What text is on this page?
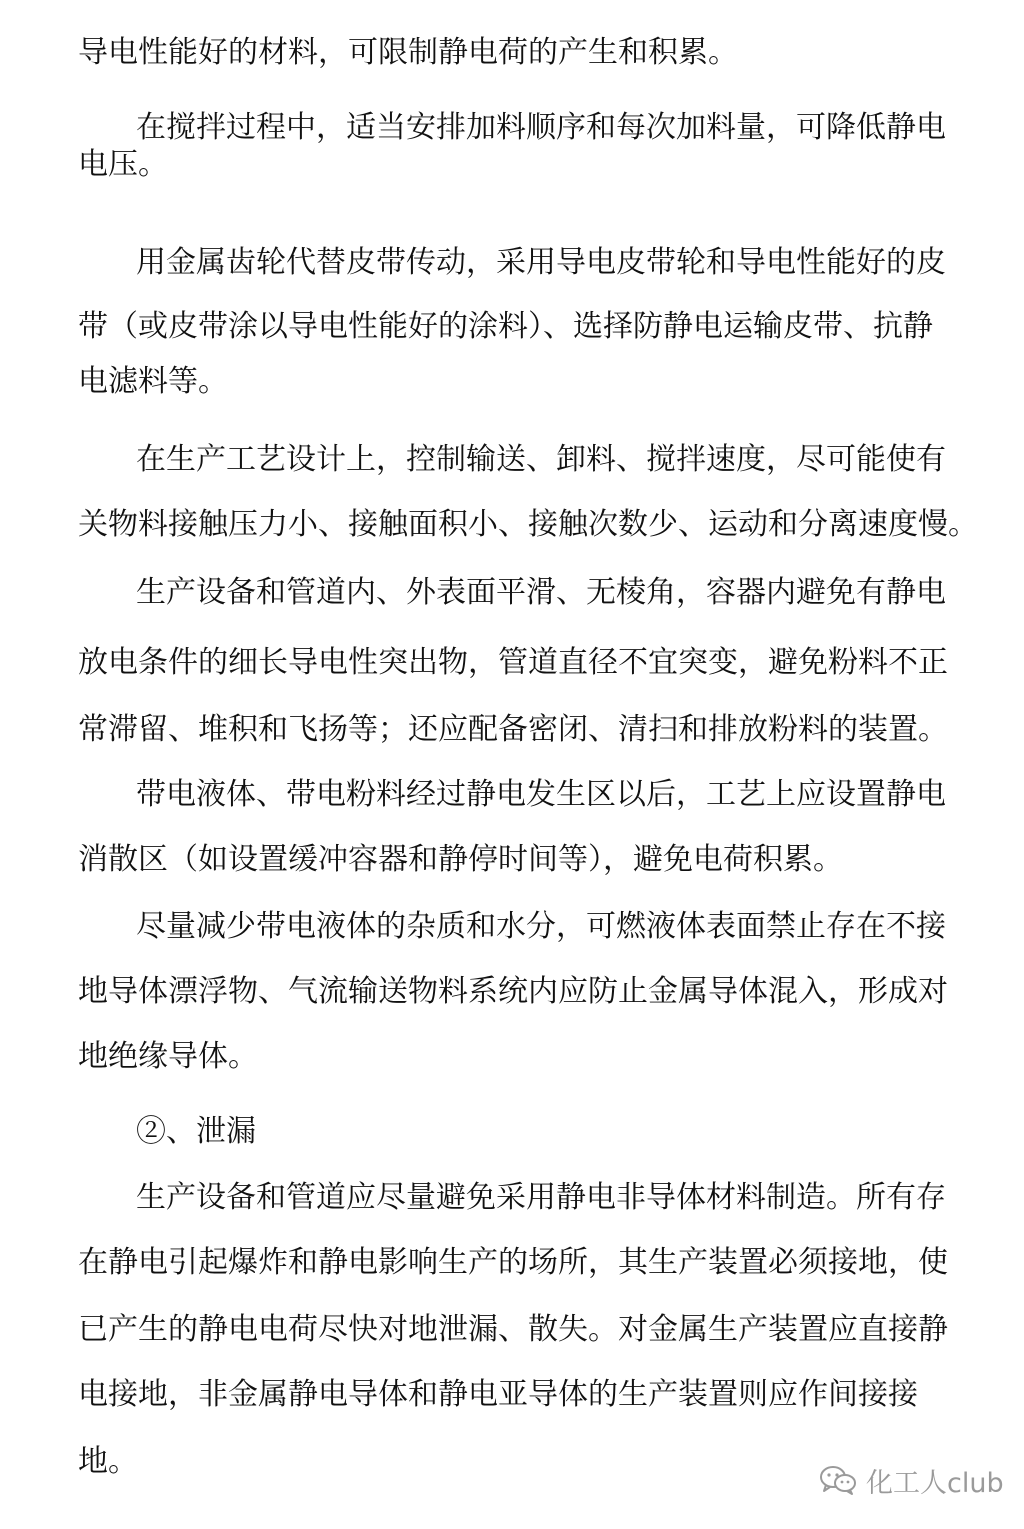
导电性能好的材料，可限制静电荷的产生和积累。
在搅拌过程中，适当安排加料顺序和每次加料量，可降低静电
电压。
用金属齿轮代替皮带传动，采用导电皮带轮和导电性能好的皮
带（或皮带涂以导电性能好的涂料）、选择防静电运输皮带、抗静
电滤料等。
在生产工艺设计上，控制输送、卸料、搅拌速度，尽可能使有
关物料接触压力小、接触面积小、接触次数少、运动和分离速度慢。
生产设备和管道内、外表面平滑、无棱角，容器内避免有静电
放电条件的细长导电性突出物，管道直径不宜突变，避免粉料不正
常滞留、堆积和飞扬等；还应配备密闭、清扫和排放粉料的装置。
带电液体、带电粉料经过静电发生区以后，工艺上应设置静电
消散区（如设置缓冲容器和静停时间等），避免电荷积累。
尽量减少带电液体的杂质和水分，可燃液体表面禁止存在不接
地导体漂浮物、气流输送物料系统内应防止金属导体混入，形成对
地绝缘导体。
②、泄漏
生产设备和管道应尽量避免采用静电非导体材料制造。所有存
在静电引起爆炸和静电影响生产的场所，其生产装置必须接地，使
已产生的静电电荷尽快对地泄漏、散失。对金属生产装置应直接静
电接地，非金属静电导体和静电亚导体的生产装置则应作间接接
地。
化工人club
